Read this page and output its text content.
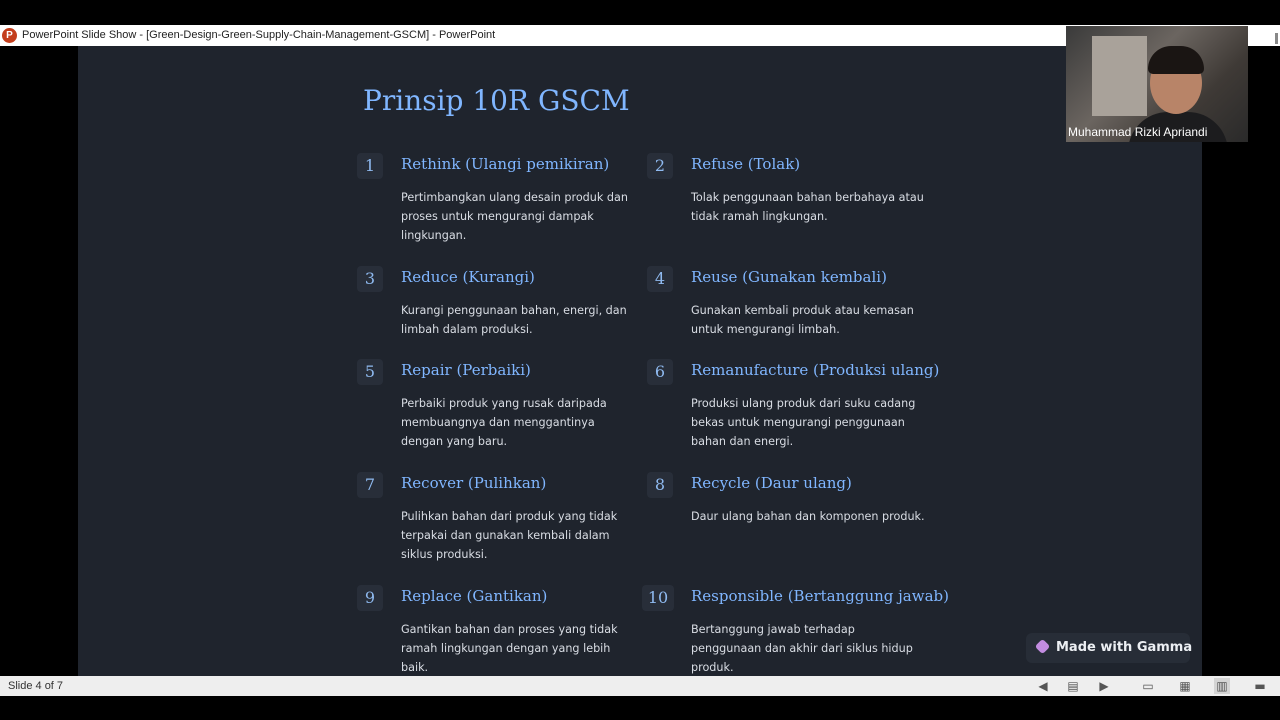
P PowerPoint Slide Show - [Green-Design-Green-Supply-Chain-Management-GSCM] - PowerPoint
Prinsip 10R GSCM
1	Rethink (Ulangi pemikiran)
Pertimbangkan ulang desain produk dan proses untuk mengurangi dampak lingkungan.
2	Refuse (Tolak)
Tolak penggunaan bahan berbahaya atau tidak ramah lingkungan.
3	Reduce (Kurangi)
Kurangi penggunaan bahan, energi, dan limbah dalam produksi.
4	Reuse (Gunakan kembali)
Gunakan kembali produk atau kemasan untuk mengurangi limbah.
5	Repair (Perbaiki)
Perbaiki produk yang rusak daripada membuangnya dan menggantinya dengan yang baru.
6	Remanufacture (Produksi ulang)
Produksi ulang produk dari suku cadang bekas untuk mengurangi penggunaan bahan dan energi.
7	Recover (Pulihkan)
Pulihkan bahan dari produk yang tidak terpakai dan gunakan kembali dalam siklus produksi.
8	Recycle (Daur ulang)
Daur ulang bahan dan komponen produk.
9	Replace (Gantikan)
Gantikan bahan dan proses yang tidak ramah lingkungan dengan yang lebih baik.
10	Responsible (Bertanggung jawab)
Bertanggung jawab terhadap penggunaan dan akhir dari siklus hidup produk.
Made with Gamma
Slide 4 of 7	◀ ▤ ▶	▭ ▦ ▥ ▬
Muhammad Rizki Apriandi
